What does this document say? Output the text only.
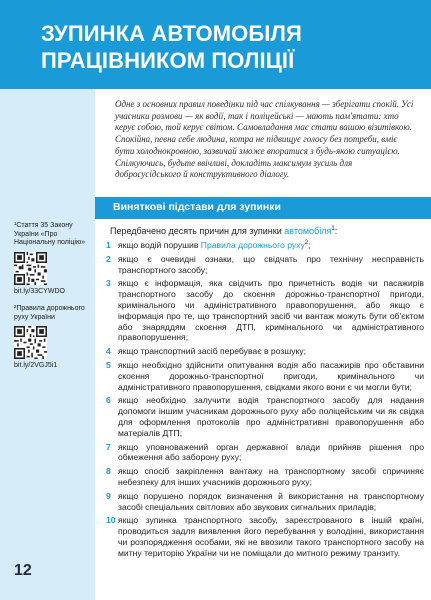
ЗУПИНКА АВТОМОБІЛЯ
ПРАЦІВНИКОМ ПОЛІЦІЇ
Одне з основних правил поведінки під час спілкування — зберігати спокій. Усі учасники розмови — як водії, так і поліцейські — мають пам'ятати: хто керує собою, той керує світом. Самовладання має стати вашою візитівкою. Спокійна, певна себе людина, котра не підвищує голосу без потреби, вміє бути холоднокровною, зазвичай зможе впоратися з будь-якою ситуацією. Спілкуючись, будьте ввічливі, докладіть максимум зусиль для добросусідського й конструктивного діалогу.
Виняткові підстави для зупинки
¹Стаття 35 Закону України «Про Національну поліцію»
bit.ly/33CYWDO
²Правила дорожнього руху України
bit.ly/2VGJ5i1
Передбачено десять причин для зупинки автомобіля$^1$:
1 якщо водій порушив Правила дорожнього руху$^2$;
2 якщо є очевидні ознаки, що свідчать про технічну несправність транспортного засобу;
3 якщо є інформація, яка свідчить про причетність водія чи пасажирів транспортного засобу до скоєння дорожньо-транспортної пригоди, кримінального чи адміністративного правопорушення, або якщо є інформація про те, що транспортний засіб чи вантаж можуть бути об'єктом або знаряддям скоєння ДТП, кримінального чи адміністративного правопорушення;
4 якщо транспортний засіб перебуває в розшуку;
5 якщо необхідно здійснити опитування водія або пасажирів про обставини скоєння дорожньо-транспортної пригоди, кримінального чи адміністративного правопорушення, свідками якого вони є чи могли бути;
6 якщо необхідно залучити водія транспортного засобу для надання допомоги іншим учасникам дорожнього руху або поліцейським чи як свідка для оформлення протоколів про адміністративні правопорушення або матеріалів ДТП;
7 якщо уповноважений орган державної влади прийняв рішення про обмеження або заборону руху;
8 якщо спосіб закріплення вантажу на транспортному засобі спричиняє небезпеку для інших учасників дорожнього руху;
9 якщо порушено порядок визначення й використання на транспортному засобі спеціальних світлових або звукових сигнальних приладів;
10 якщо зупинка транспортного засобу, зареєстрованого в іншій країні, проводиться задля виявлення його перебування у володінні, використання чи розпорядження особами, які не ввозили такого транспортного засобу на митну територію України чи не поміщали до митного режиму транзиту.
12
